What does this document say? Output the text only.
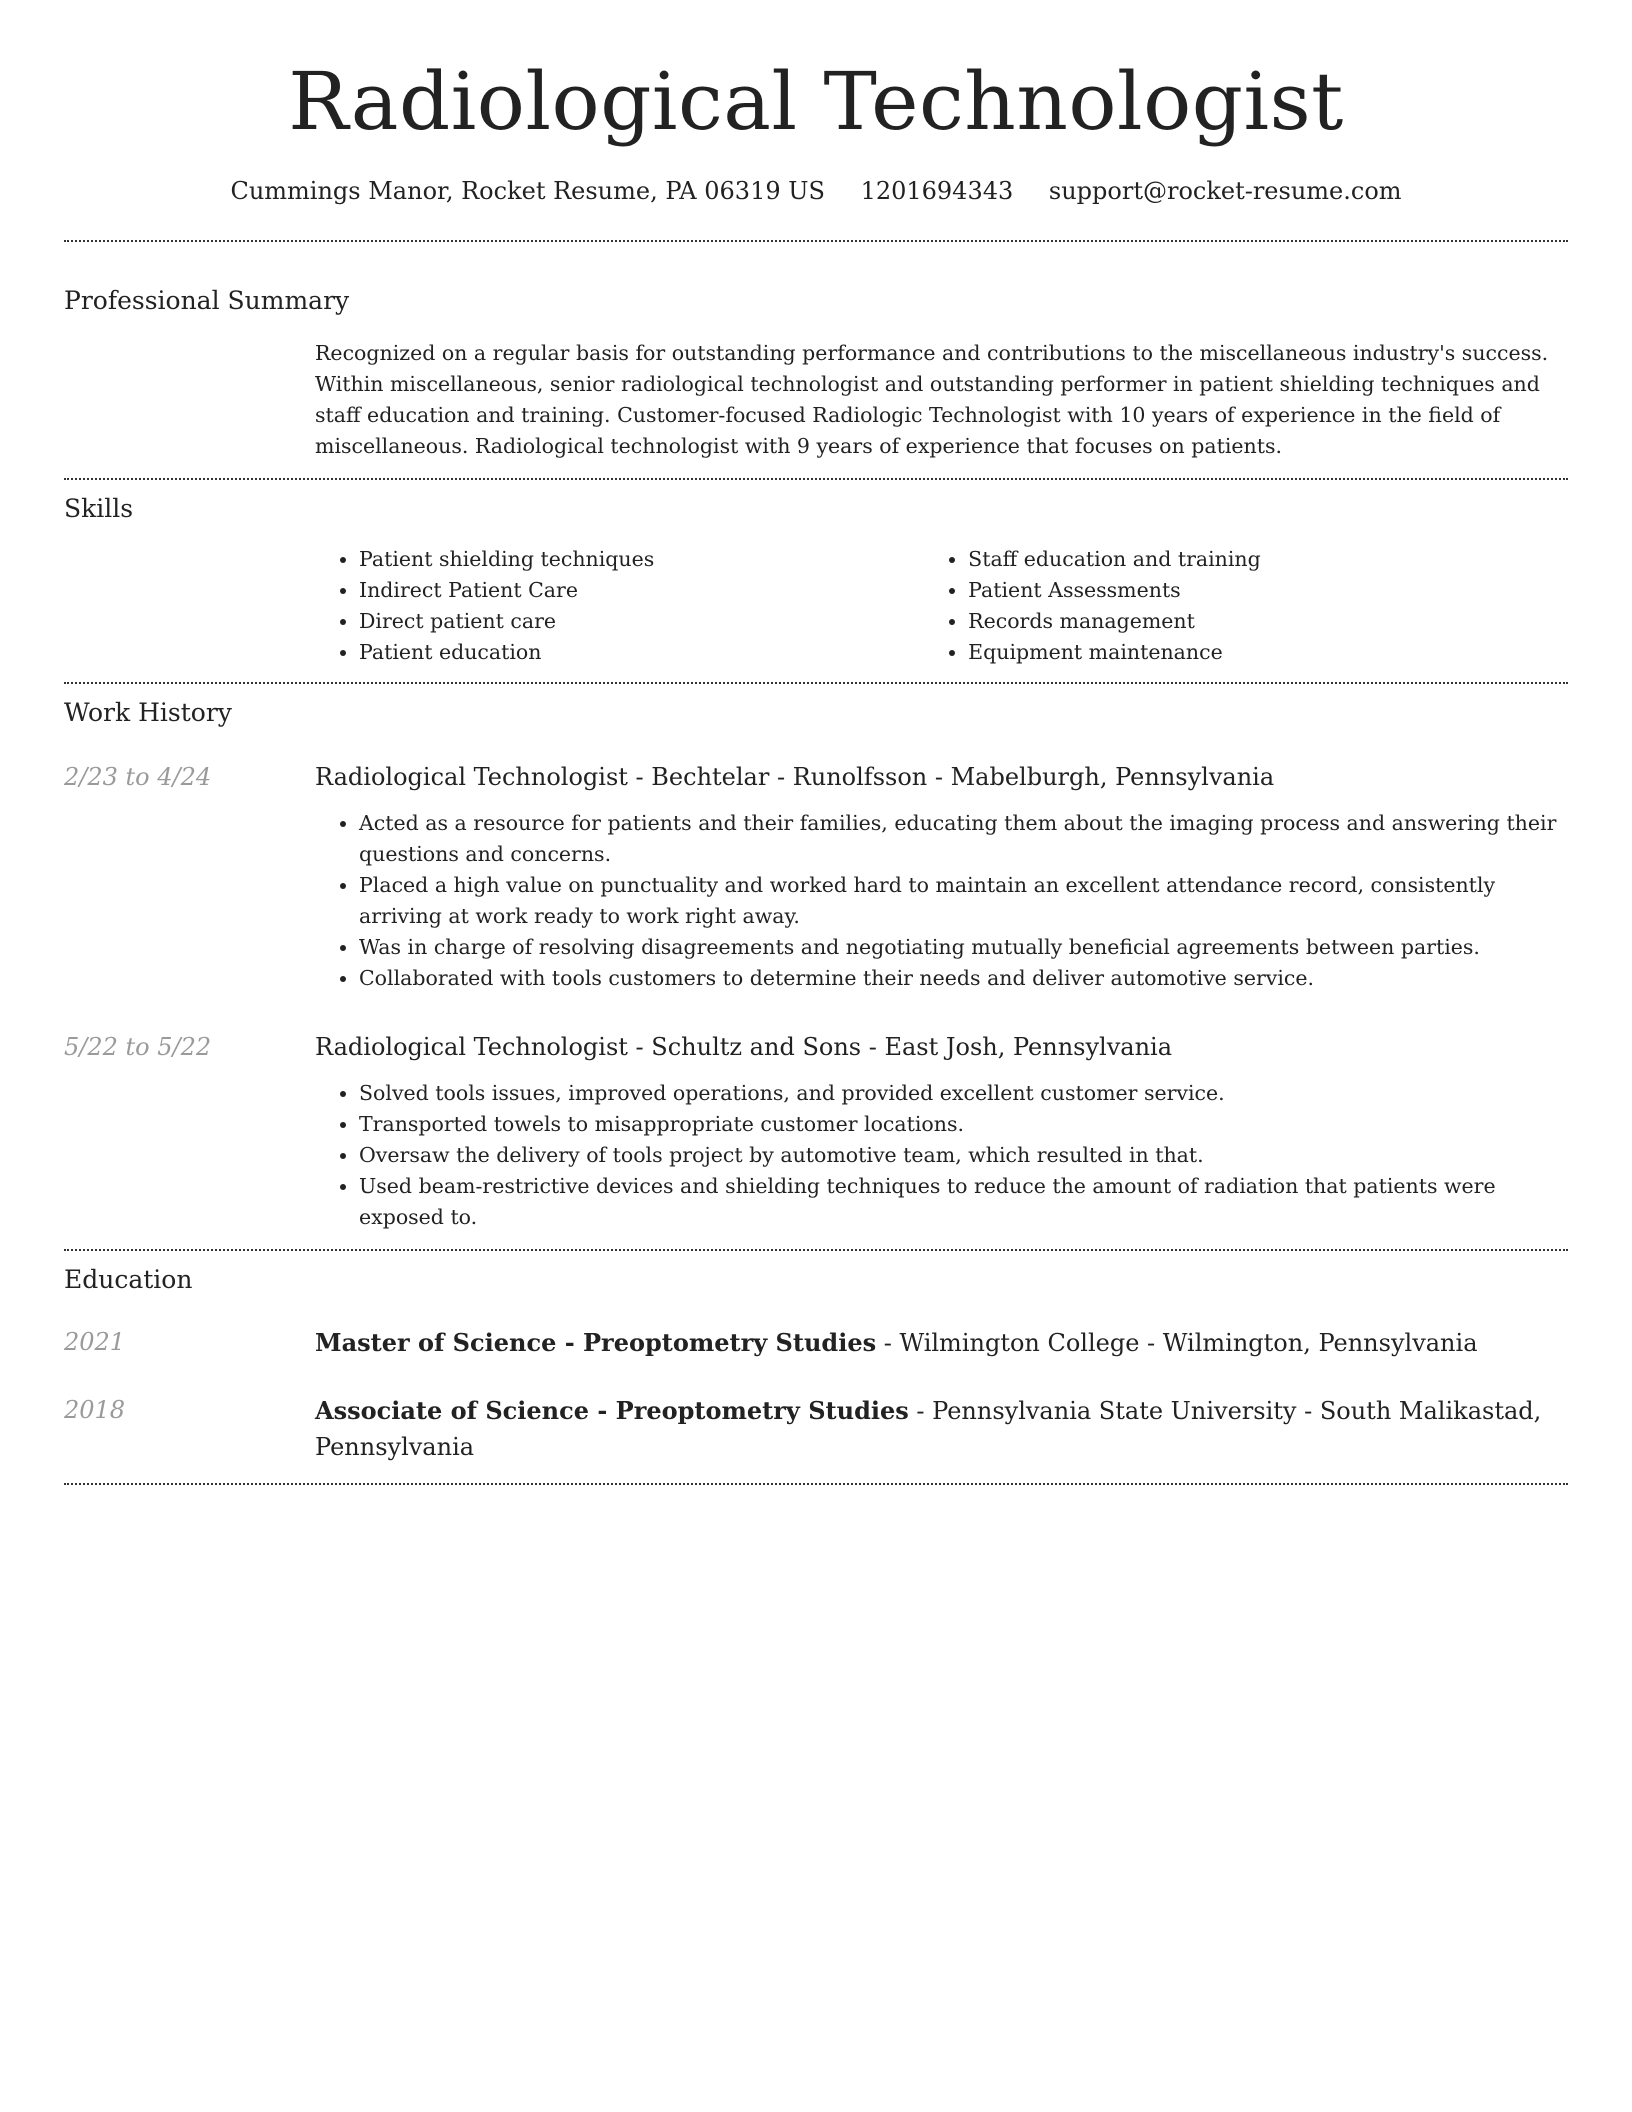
Radiological Technologist
Cummings Manor, Rocket Resume, PA 06319 US 1201694343 support@rocket-resume.com
Professional Summary

Recognized on a regular basis for outstanding performance and contributions to the miscellaneous industry's success. Within miscellaneous, senior radiological technologist and outstanding performer in patient shielding techniques and staff education and training. Customer-focused Radiologic Technologist with 10 years of experience in the field of miscellaneous. Radiological technologist with 9 years of experience that focuses on patients.

Skills
• Patient shielding techniques
• Indirect Patient Care
• Direct patient care
• Patient education
• Staff education and training
• Patient Assessments
• Records management
• Equipment maintenance
Work History
2/23 to 4/24	Radiological Technologist - Bechtelar - Runolfsson - Mabelburgh, Pennsylvania
• Acted as a resource for patients and their families, educating them about the imaging process and answering their questions and concerns.
• Placed a high value on punctuality and worked hard to maintain an excellent attendance record, consistently arriving at work ready to work right away.
• Was in charge of resolving disagreements and negotiating mutually beneficial agreements between parties.
• Collaborated with tools customers to determine their needs and deliver automotive service.
5/22 to 5/22	Radiological Technologist - Schultz and Sons - East Josh, Pennsylvania
• Solved tools issues, improved operations, and provided excellent customer service.
• Transported towels to misappropriate customer locations.
• Oversaw the delivery of tools project by automotive team, which resulted in that.
• Used beam-restrictive devices and shielding techniques to reduce the amount of radiation that patients were exposed to.
Education
2021	Master of Science - Preoptometry Studies - Wilmington College - Wilmington, Pennsylvania
2018	Associate of Science - Preoptometry Studies - Pennsylvania State University - South Malikastad, Pennsylvania
